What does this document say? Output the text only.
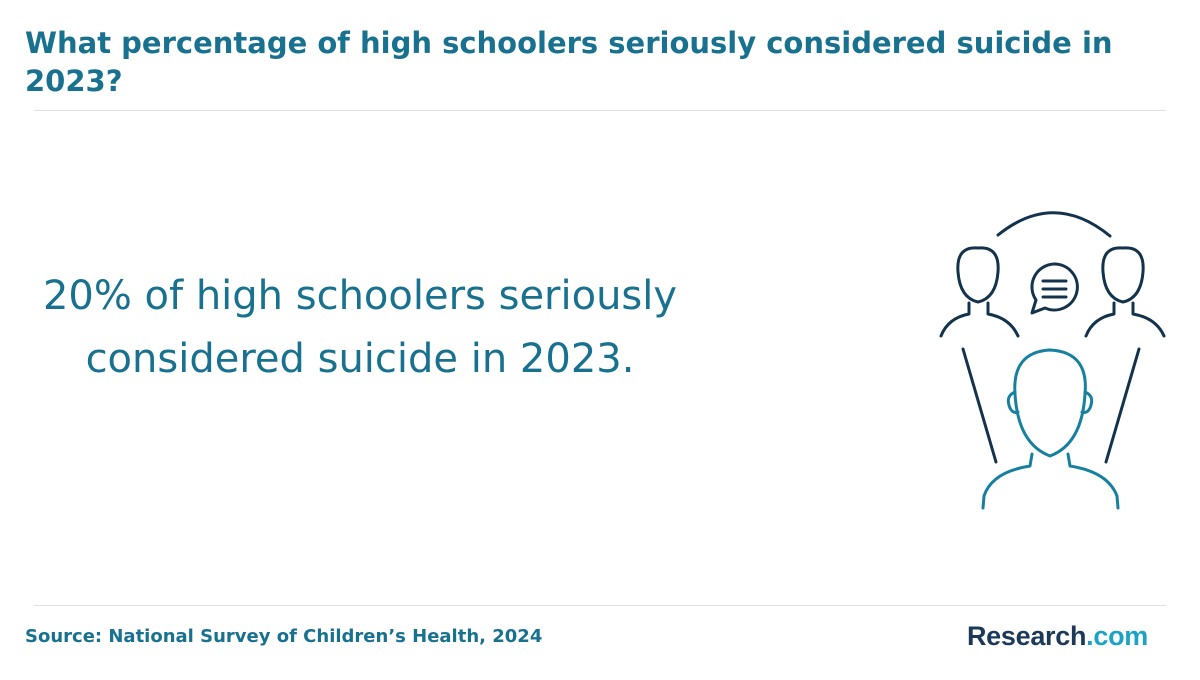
What percentage of high schoolers seriously considered suicide in 2023?

20% of high schoolers seriously considered suicide in 2023.

Source: National Survey of Children’s Health, 2024	Research.com
